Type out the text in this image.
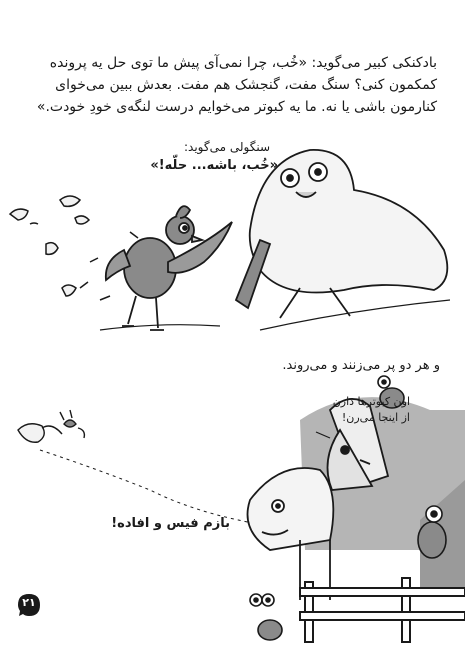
بادکنکی کبیر می‌گوید: «خُب، چرا نمی‌آی پیش ما توی حل یه پرونده
کمکمون کنی؟ سنگ مفت، گنجشک هم مفت. بعدش ببین می‌خوای
کنارمون باشی یا نه. ما یه کبوتر می‌خوایم درست لنگه‌ی خودِ خودت.»
سنگولی می‌گوید:
«خُب، باشه... حلّه!»
و هر دو پر می‌زنند و می‌روند.
اون کبوترها دارن
از اینجا می‌رن!
بازم فیس و افاده!
۲۱
